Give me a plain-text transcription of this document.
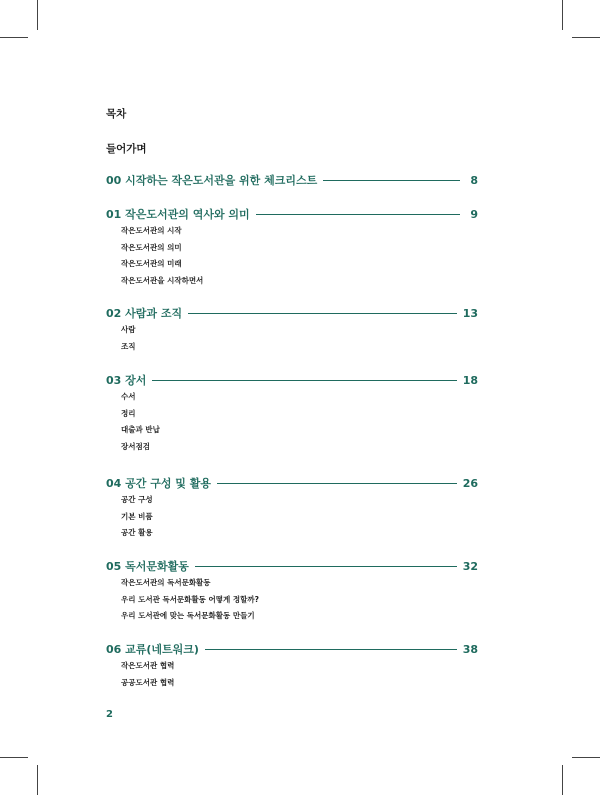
목차
들어가며
00 시작하는 작은도서관을 위한 체크리스트	8
01 작은도서관의 역사와 의미	9
작은도서관의 시작
작은도서관의 의미
작은도서관의 미래
작은도서관을 시작하면서
02 사람과 조직	13
사람
조직
03 장서	18
수서
정리
대출과 반납
장서점검
04 공간 구성 및 활용	26
공간 구성
기본 비품
공간 활용
05 독서문화활동	32
작은도서관의 독서문화활동
우리 도서관 독서문화활동 어떻게 정할까?
우리 도서관에 맞는 독서문화활동 만들기
06 교류(네트워크)	38
작은도서관 협력
공공도서관 협력
2
